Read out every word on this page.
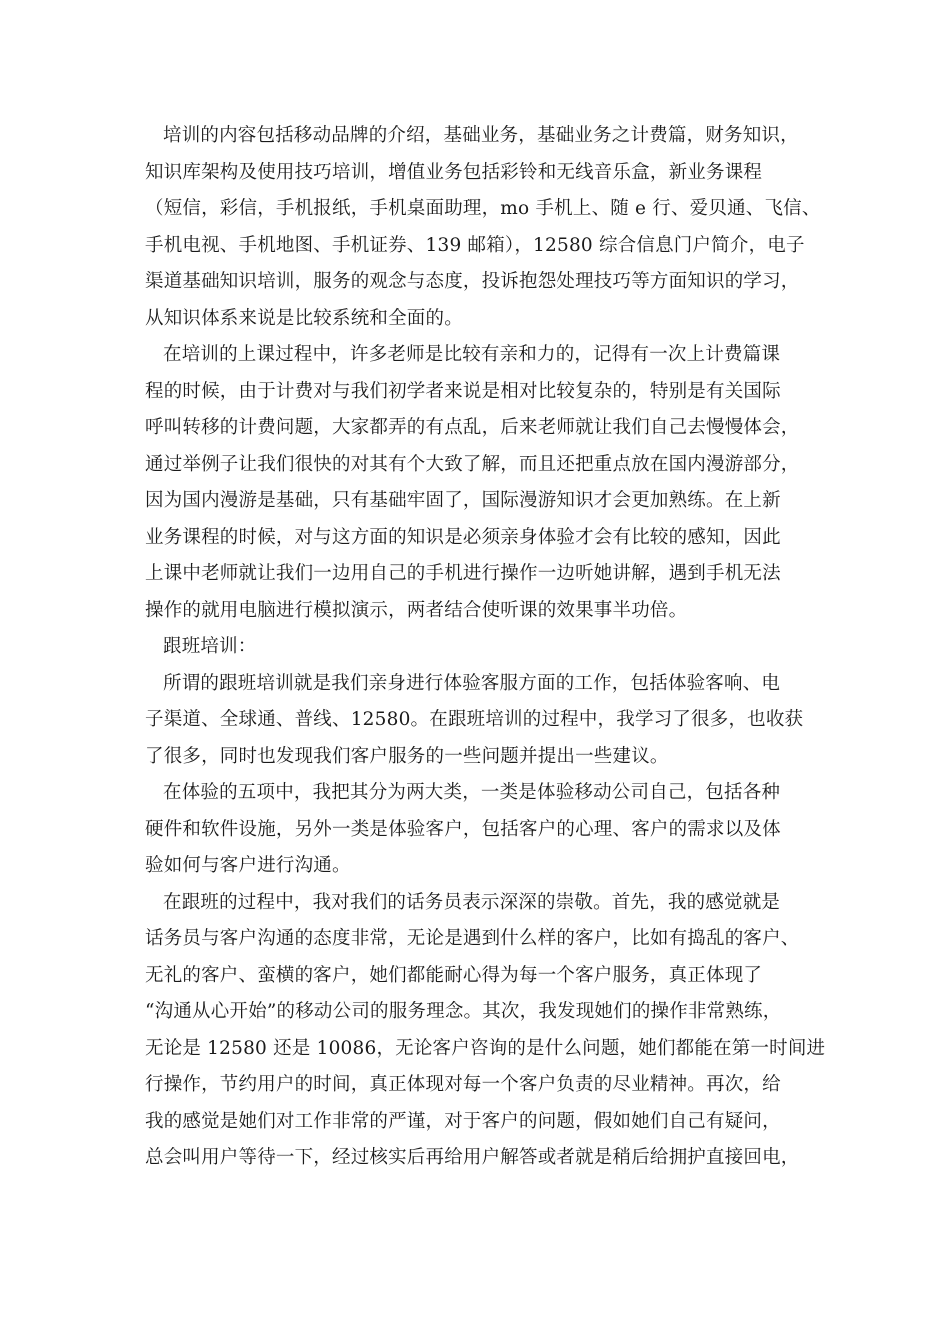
培训的内容包括移动品牌的介绍，基础业务，基础业务之计费篇，财务知识，
知识库架构及使用技巧培训，增值业务包括彩铃和无线音乐盒，新业务课程
（短信，彩信，手机报纸，手机桌面助理，mo 手机上、随 e 行、爱贝通、飞信、
手机电视、手机地图、手机证券、139 邮箱），12580 综合信息门户简介，电子
渠道基础知识培训，服务的观念与态度，投诉抱怨处理技巧等方面知识的学习，
从知识体系来说是比较系统和全面的。
在培训的上课过程中，许多老师是比较有亲和力的，记得有一次上计费篇课
程的时候，由于计费对与我们初学者来说是相对比较复杂的，特别是有关国际
呼叫转移的计费问题，大家都弄的有点乱，后来老师就让我们自己去慢慢体会，
通过举例子让我们很快的对其有个大致了解，而且还把重点放在国内漫游部分，
因为国内漫游是基础，只有基础牢固了，国际漫游知识才会更加熟练。在上新
业务课程的时候，对与这方面的知识是必须亲身体验才会有比较的感知，因此
上课中老师就让我们一边用自己的手机进行操作一边听她讲解，遇到手机无法
操作的就用电脑进行模拟演示，两者结合使听课的效果事半功倍。
跟班培训：
所谓的跟班培训就是我们亲身进行体验客服方面的工作，包括体验客响、电
子渠道、全球通、普线、12580。在跟班培训的过程中，我学习了很多，也收获
了很多，同时也发现我们客户服务的一些问题并提出一些建议。
在体验的五项中，我把其分为两大类，一类是体验移动公司自己，包括各种
硬件和软件设施，另外一类是体验客户，包括客户的心理、客户的需求以及体
验如何与客户进行沟通。
在跟班的过程中，我对我们的话务员表示深深的崇敬。首先，我的感觉就是
话务员与客户沟通的态度非常，无论是遇到什么样的客户，比如有捣乱的客户、
无礼的客户、蛮横的客户，她们都能耐心得为每一个客户服务，真正体现了
“沟通从心开始”的移动公司的服务理念。其次，我发现她们的操作非常熟练，
无论是 12580 还是 10086，无论客户咨询的是什么问题，她们都能在第一时间进
行操作，节约用户的时间，真正体现对每一个客户负责的尽业精神。再次，给
我的感觉是她们对工作非常的严谨，对于客户的问题，假如她们自己有疑问，
总会叫用户等待一下，经过核实后再给用户解答或者就是稍后给拥护直接回电，
